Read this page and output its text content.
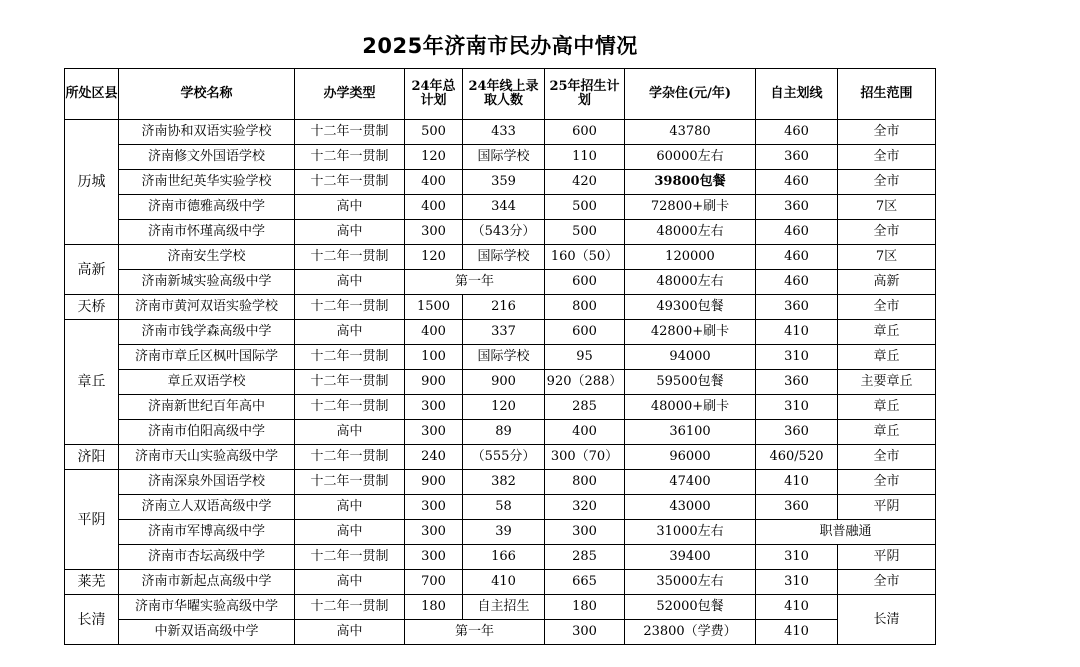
2025年济南市民办高中情况
所处区县	学校名称	办学类型	24年总计划	24年线上录取人数	25年招生计划	学杂住(元/年)	自主划线	招生范围
历城	济南协和双语实验学校	十二年一贯制	500	433	600	43780	460	全市
	济南修文外国语学校	十二年一贯制	120	国际学校	110	60000左右	360	全市
	济南世纪英华实验学校	十二年一贯制	400	359	420	39800包餐	460	全市
	济南市德雅高级中学	高中	400	344	500	72800+刷卡	360	7区
	济南市怀瑾高级中学	高中	300	（543分）	500	48000左右	460	全市
高新	济南安生学校	十二年一贯制	120	国际学校	160（50）	120000	460	7区
	济南新城实验高级中学	高中	第一年		600	48000左右	460	高新
天桥	济南市黄河双语实验学校	十二年一贯制	1500	216	800	49300包餐	360	全市
章丘	济南市钱学森高级中学	高中	400	337	600	42800+刷卡	410	章丘
	济南市章丘区枫叶国际学	十二年一贯制	100	国际学校	95	94000	310	章丘
	章丘双语学校	十二年一贯制	900	900	920（288）	59500包餐	360	主要章丘
	济南新世纪百年高中	十二年一贯制	300	120	285	48000+刷卡	310	章丘
	济南市伯阳高级中学	高中	300	89	400	36100	360	章丘
济阳	济南市天山实验高级中学	十二年一贯制	240	（555分）	300（70）	96000	460/520	全市
平阴	济南深泉外国语学校	十二年一贯制	900	382	800	47400	410	全市
	济南立人双语高级中学	高中	300	58	320	43000	360	平阴
	济南市军博高级中学	高中	300	39	300	31000左右	职普融通	
	济南市杏坛高级中学	十二年一贯制	300	166	285	39400	310	平阴
莱芜	济南市新起点高级中学	高中	700	410	665	35000左右	310	全市
长清	济南市华曜实验高级中学	十二年一贯制	180	自主招生	180	52000包餐	410	长清
	中新双语高级中学	高中	第一年		300	23800（学费）	410	
